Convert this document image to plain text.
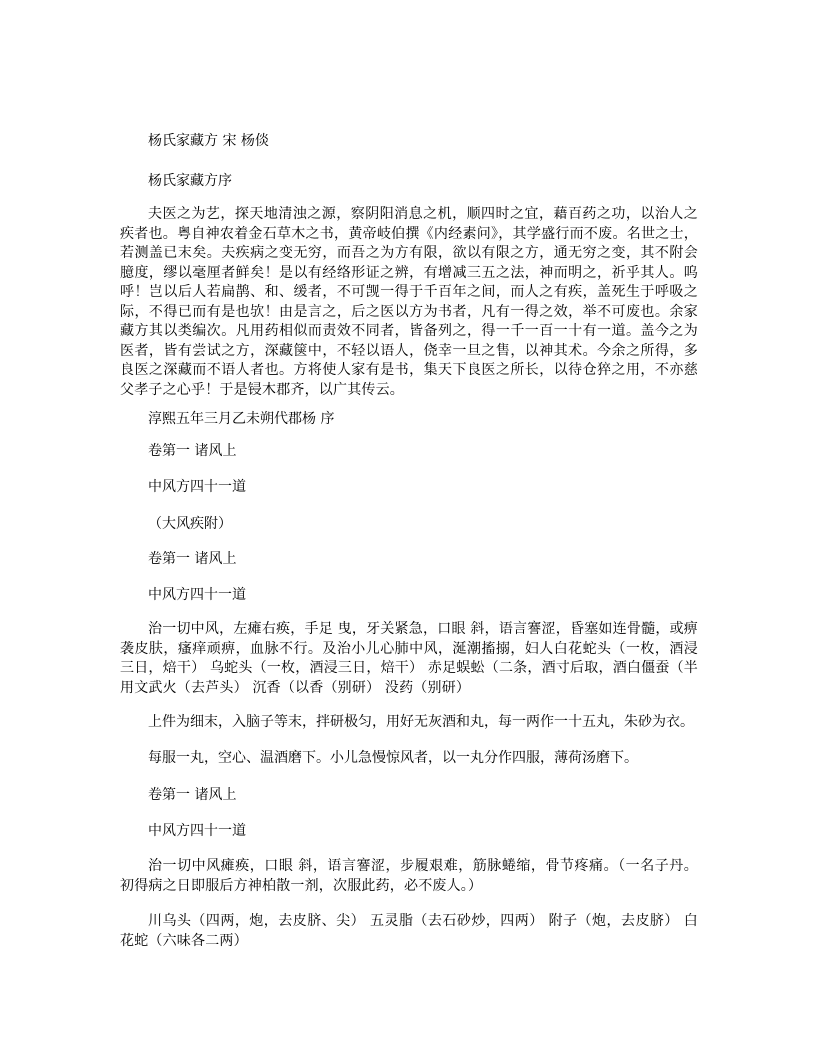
杨氏家藏方 宋 杨倓
杨氏家藏方序
夫医之为艺，探天地清浊之源，察阴阳消息之机，顺四时之宜，藉百药之功，以治人之疾者也。粤自神农着金石草木之书，黄帝岐伯撰《内经素问》，其学盛行而不废。名世之士，若测盖已末矣。夫疾病之变无穷，而吾之为方有限，欲以有限之方，通无穷之变，其不附会臆度，缪以毫厘者鲜矣！是以有经络形证之辨，有增减三五之法，神而明之，祈乎其人。呜呼！岂以后人若扁鹊、和、缓者，不可觊一得于千百年之间，而人之有疾，盖死生于呼吸之际，不得已而有是也欤！由是言之，后之医以方为书者，凡有一得之效，举不可废也。余家藏方其以类编次。凡用药相似而责效不同者，皆备列之，得一千一百一十有一道。盖今之为医者，皆有尝试之方，深藏箧中，不轻以语人，侥幸一旦之售，以神其术。今余之所得，多良医之深藏而不语人者也。方将使人家有是书，集天下良医之所长，以待仓猝之用，不亦慈父孝子之心乎！于是锓木郡齐，以广其传云。
淳熙五年三月乙未朔代郡杨 序
卷第一 诸风上
中风方四十一道
（大风疾附）
卷第一 诸风上
中风方四十一道
治一切中风，左瘫右痪，手足 曳，牙关紧急，口眼 斜，语言謇涩，昏塞如连骨髓，或痹袭皮肤，瘙痒顽痹，血脉不行。及治小儿心肺中风，涎潮搐搦，妇人白花蛇头（一枚，酒浸三日，焙干） 乌蛇头（一枚，酒浸三日，焙干） 赤足蜈蚣（二条，酒寸后取，酒白僵蚕（半用文武火（去芦头） 沉香（以香（别研） 没药（别研）
上件为细末，入脑子等末，拌研极匀，用好无灰酒和丸，每一两作一十五丸，朱砂为衣。
每服一丸，空心、温酒磨下。小儿急慢惊风者，以一丸分作四服，薄荷汤磨下。
卷第一 诸风上
中风方四十一道
治一切中风瘫痪，口眼 斜，语言謇涩，步履艰难，筋脉蜷缩，骨节疼痛。（一名子丹。初得病之日即服后方神柏散一剂，次服此药，必不废人。）
川乌头（四两，炮，去皮脐、尖） 五灵脂（去石砂炒，四两） 附子（炮，去皮脐） 白花蛇（六味各二两）
